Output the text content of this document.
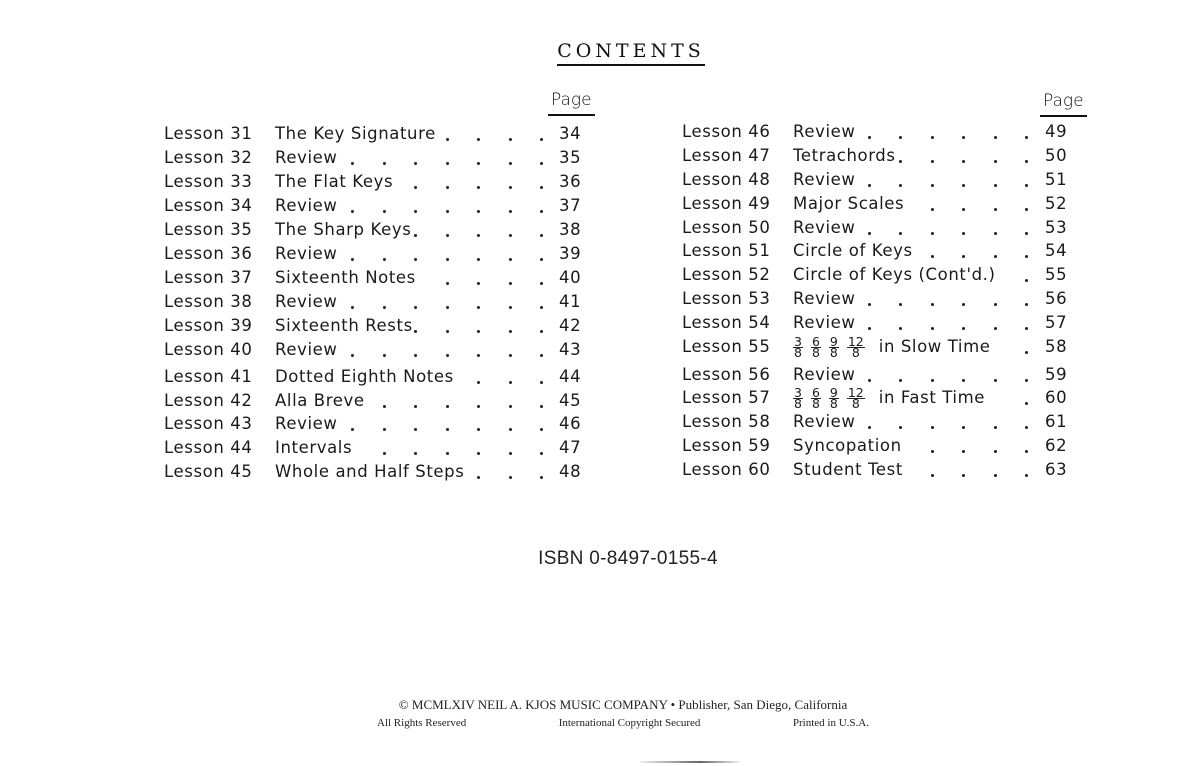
CONTENTS
Page	Page
Lesson 31 The Key Signature	34
Lesson 32 Review	35
Lesson 33 The Flat Keys	36
Lesson 34 Review	37
Lesson 35 The Sharp Keys	38
Lesson 36 Review	39
Lesson 37 Sixteenth Notes	40
Lesson 38 Review	41
Lesson 39 Sixteenth Rests	42
Lesson 40 Review	43
Lesson 41 Dotted Eighth Notes	44
Lesson 42 Alla Breve	45
Lesson 43 Review	46
Lesson 44 Intervals	47
Lesson 45 Whole and Half Steps	48
Lesson 46 Review	49
Lesson 47 Tetrachords	50
Lesson 48 Review	51
Lesson 49 Major Scales	52
Lesson 50 Review	53
Lesson 51 Circle of Keys	54
Lesson 52 Circle of Keys (Cont'd.)	55
Lesson 53 Review	56
Lesson 54 Review	57
Lesson $55 \frac{3}{8} \frac{6}{8} \frac{9}{8} \frac{12}{8}$ in Slow Time	58
Lesson 56 Review	59
Lesson $57 \frac{3}{8} \frac{6}{8} \frac{9}{8} \frac{12}{8}$ in Fast Time	60
Lesson 58 Review	61
Lesson 59 Syncopation	62
Lesson 60 Student Test	63
ISBN 0-8497-0155-4
© MCMLXIV NEIL A. KJOS MUSIC COMPANY • Publisher, San Diego, California
All Rights Reserved	International Copyright Secured	Printed in U.S.A.
